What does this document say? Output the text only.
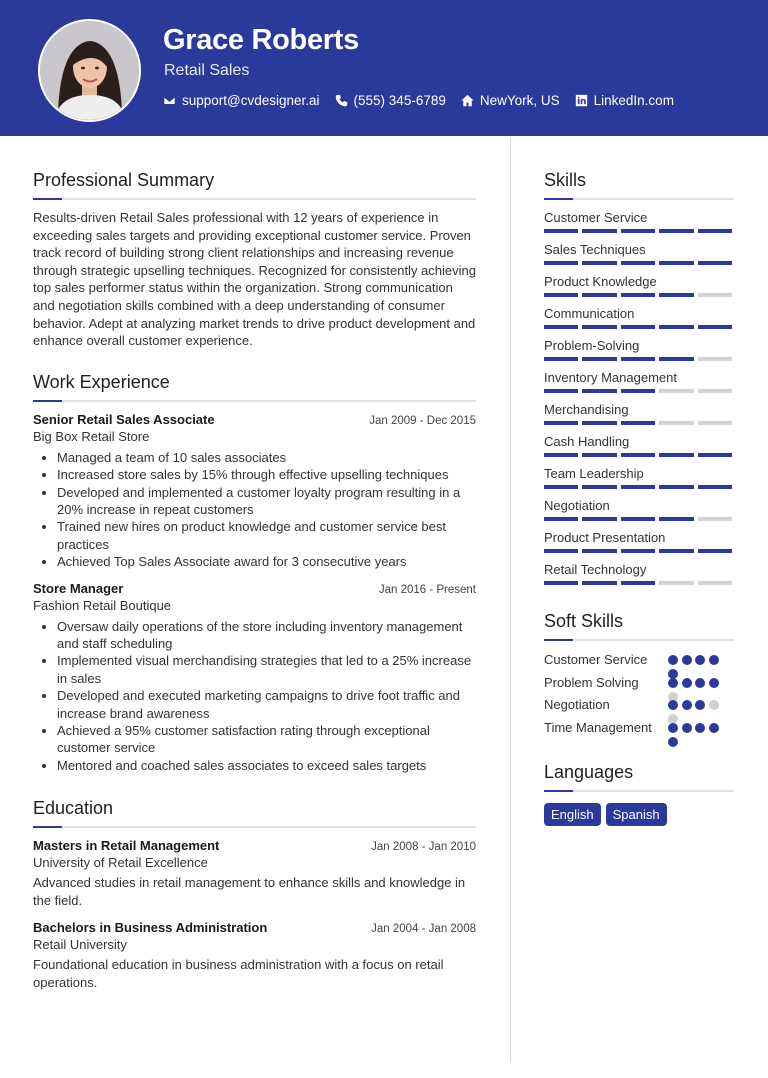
Grace Roberts
Retail Sales
support@cvdesigner.ai	(555) 345-6789	NewYork, US	LinkedIn.com
Professional Summary

Results-driven Retail Sales professional with 12 years of experience in exceeding sales targets and providing exceptional customer service. Proven track record of building strong client relationships and increasing revenue through strategic upselling techniques. Recognized for consistently achieving top sales performer status within the organization. Strong communication and negotiation skills combined with a deep understanding of consumer behavior. Adept at analyzing market trends to drive product development and enhance overall customer experience.

Work Experience
Senior Retail Sales Associate	Jan 2009 - Dec 2015
Big Box Retail Store
• Managed a team of 10 sales associates
• Increased store sales by 15% through effective upselling techniques
• Developed and implemented a customer loyalty program resulting in a 20% increase in repeat customers
• Trained new hires on product knowledge and customer service best practices
• Achieved Top Sales Associate award for 3 consecutive years
Store Manager	Jan 2016 - Present
Fashion Retail Boutique
• Oversaw daily operations of the store including inventory management and staff scheduling
• Implemented visual merchandising strategies that led to a 25% increase in sales
• Developed and executed marketing campaigns to drive foot traffic and increase brand awareness
• Achieved a 95% customer satisfaction rating through exceptional customer service
• Mentored and coached sales associates to exceed sales targets
Education
Masters in Retail Management	Jan 2008 - Jan 2010
University of Retail Excellence
Advanced studies in retail management to enhance skills and knowledge in the field.
Bachelors in Business Administration	Jan 2004 - Jan 2008
Retail University
Foundational education in business administration with a focus on retail operations.
Skills
Customer Service
Sales Techniques
Product Knowledge
Communication
Problem-Solving
Inventory Management
Merchandising
Cash Handling
Team Leadership
Negotiation
Product Presentation
Retail Technology
Soft Skills
Customer Service
Problem Solving
Negotiation
Time Management
Languages
English	Spanish
